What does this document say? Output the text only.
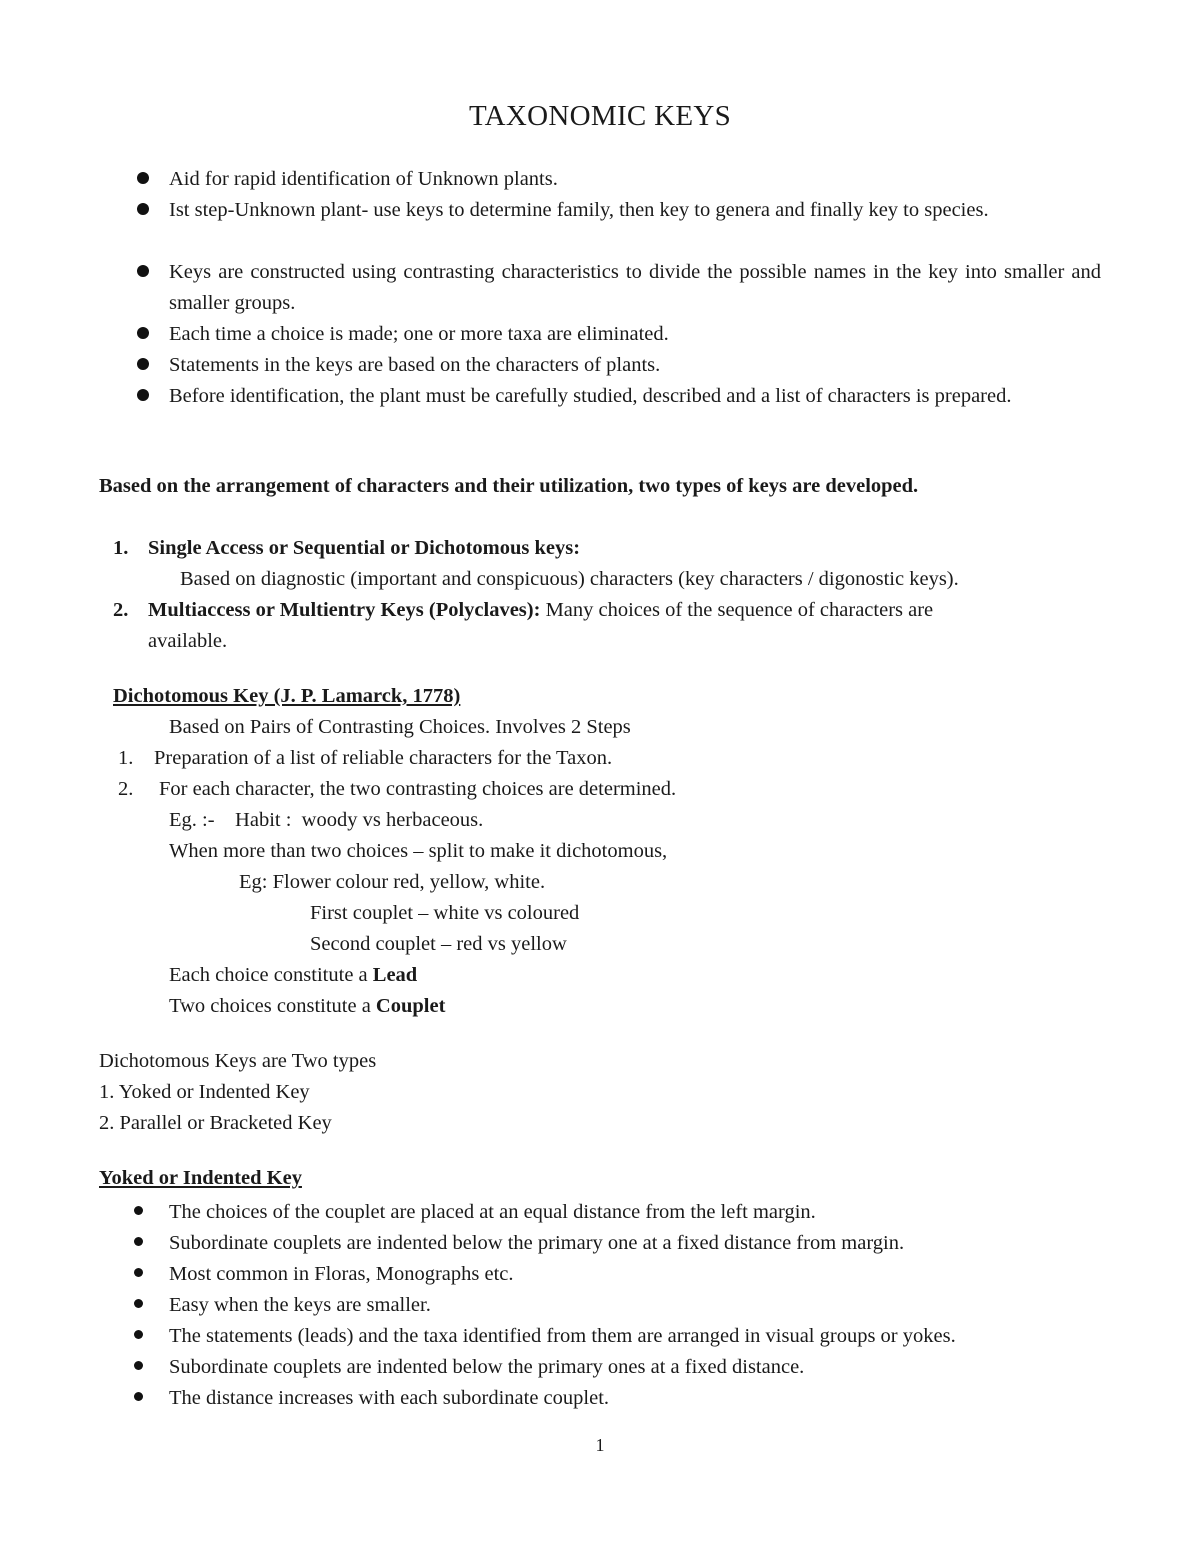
TAXONOMIC KEYS
Aid for rapid identification of Unknown plants.
Ist step-Unknown plant- use keys to determine family, then key to genera and finally key to species.
Keys are constructed using contrasting characteristics to divide the possible names in the key into smaller and smaller groups.
Each time a choice is made; one or more taxa are eliminated.
Statements in the keys are based on the characters of plants.
Before identification, the plant must be carefully studied, described and a list of characters is prepared.
Based on the arrangement of characters and their utilization, two types of keys are developed.
1. Single Access or Sequential or Dichotomous keys:
Based on diagnostic (important and conspicuous) characters (key characters / digonostic keys).
2. Multiaccess or Multientry Keys (Polyclaves): Many choices of the sequence of characters are
available.
Dichotomous Key (J. P. Lamarck, 1778)
Based on Pairs of Contrasting Choices. Involves 2 Steps
1. Preparation of a list of reliable characters for the Taxon.
2. For each character, the two contrasting choices are determined.
Eg. :-    Habit :  woody vs herbaceous.
When more than two choices – split to make it dichotomous,
Eg: Flower colour red, yellow, white.
First couplet – white vs coloured
Second couplet – red vs yellow
Each choice constitute a Lead
Two choices constitute a Couplet
Dichotomous Keys are Two types
1. Yoked or Indented Key
2. Parallel or Bracketed Key
Yoked or Indented Key
The choices of the couplet are placed at an equal distance from the left margin.
Subordinate couplets are indented below the primary one at a fixed distance from margin.
Most common in Floras, Monographs etc.
Easy when the keys are smaller.
The statements (leads) and the taxa identified from them are arranged in visual groups or yokes.
Subordinate couplets are indented below the primary ones at a fixed distance.
The distance increases with each subordinate couplet.
1
